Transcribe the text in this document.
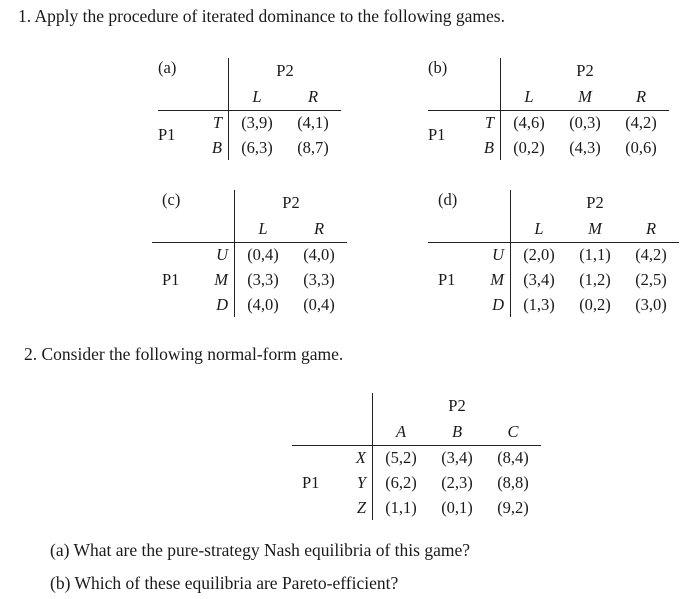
1. Apply the procedure of iterated dominance to the following games.
(a)		P2	
		L	R
P1	T	(3,9)	(4,1)
	B	(6,3)	(8,7)
(b)		P2		
		L	M	R
P1	T	(4,6)	(0,3)	(4,2)
	B	(0,2)	(4,3)	(0,6)
(c)		P2	
		L	R
P1	U	(0,4)	(4,0)
	M	(3,3)	(3,3)
	D	(4,0)	(0,4)
(d)		P2		
		L	M	R
P1	U	(2,0)	(1,1)	(4,2)
	M	(3,4)	(1,2)	(2,5)
	D	(1,3)	(0,2)	(3,0)
2. Consider the following normal-form game.
		P2		
		A	B	C
P1	X	(5,2)	(3,4)	(8,4)
	Y	(6,2)	(2,3)	(8,8)
	Z	(1,1)	(0,1)	(9,2)
(a) What are the pure-strategy Nash equilibria of this game?
(b) Which of these equilibria are Pareto-efficient?
